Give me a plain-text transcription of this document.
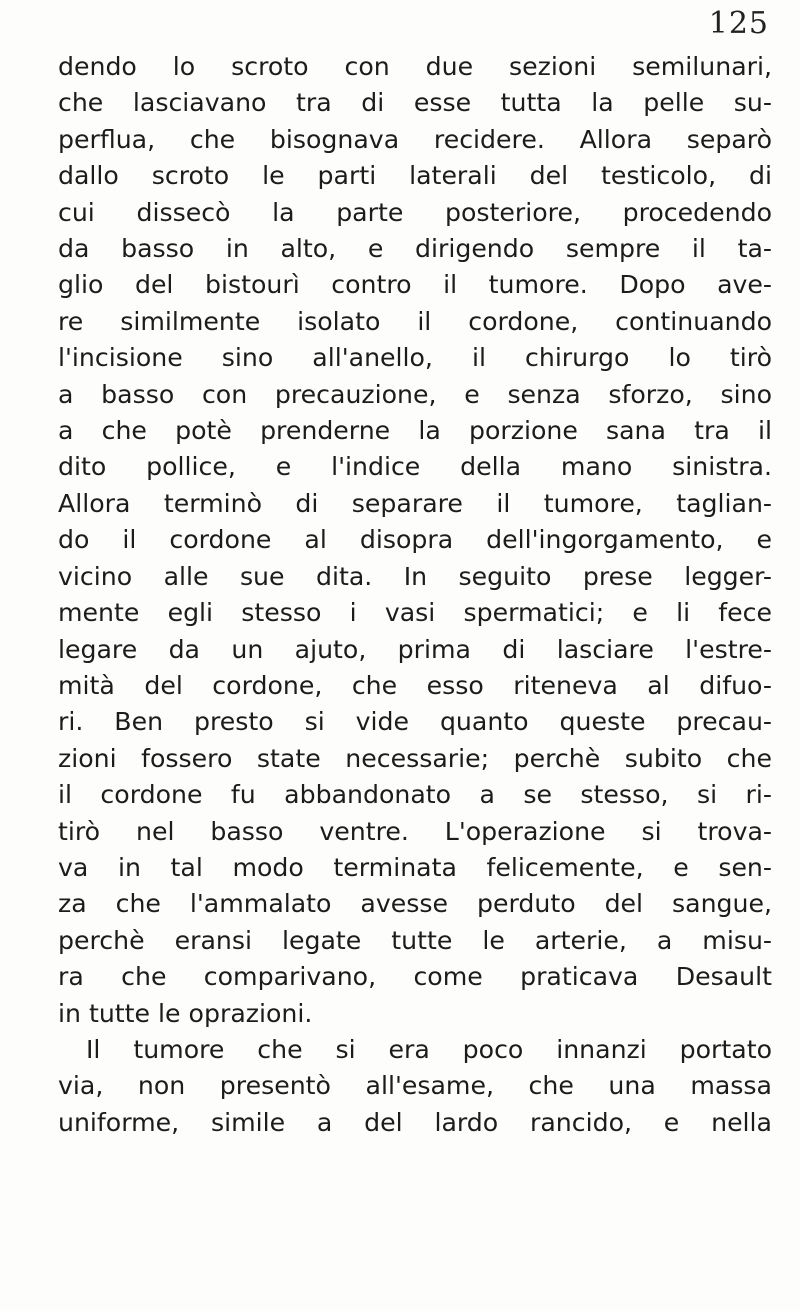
125
dendo lo scroto con due sezioni semilunari,
che lasciavano tra di esse tutta la pelle su-
perflua, che bisognava recidere. Allora separò
dallo scroto le parti laterali del testicolo, di
cui dissecò la parte posteriore, procedendo
da basso in alto, e dirigendo sempre il ta-
glio del bistourì contro il tumore. Dopo ave-
re similmente isolato il cordone, continuando
l'incisione sino all'anello, il chirurgo lo tirò
a basso con precauzione, e senza sforzo, sino
a che potè prenderne la porzione sana tra il
dito pollice, e l'indice della mano sinistra.
Allora terminò di separare il tumore, taglian-
do il cordone al disopra dell'ingorgamento, e
vicino alle sue dita. In seguito prese legger-
mente egli stesso i vasi spermatici; e li fece
legare da un ajuto, prima di lasciare l'estre-
mità del cordone, che esso riteneva al difuo-
ri. Ben presto si vide quanto queste precau-
zioni fossero state necessarie; perchè subito che
il cordone fu abbandonato a se stesso, si ri-
tirò nel basso ventre. L'operazione si trova-
va in tal modo terminata felicemente, e sen-
za che l'ammalato avesse perduto del sangue,
perchè eransi legate tutte le arterie, a misu-
ra che comparivano, come praticava Desault
in tutte le oprazioni.
Il tumore che si era poco innanzi portato
via, non presentò all'esame, che una massa
uniforme, simile a del lardo rancido, e nella
